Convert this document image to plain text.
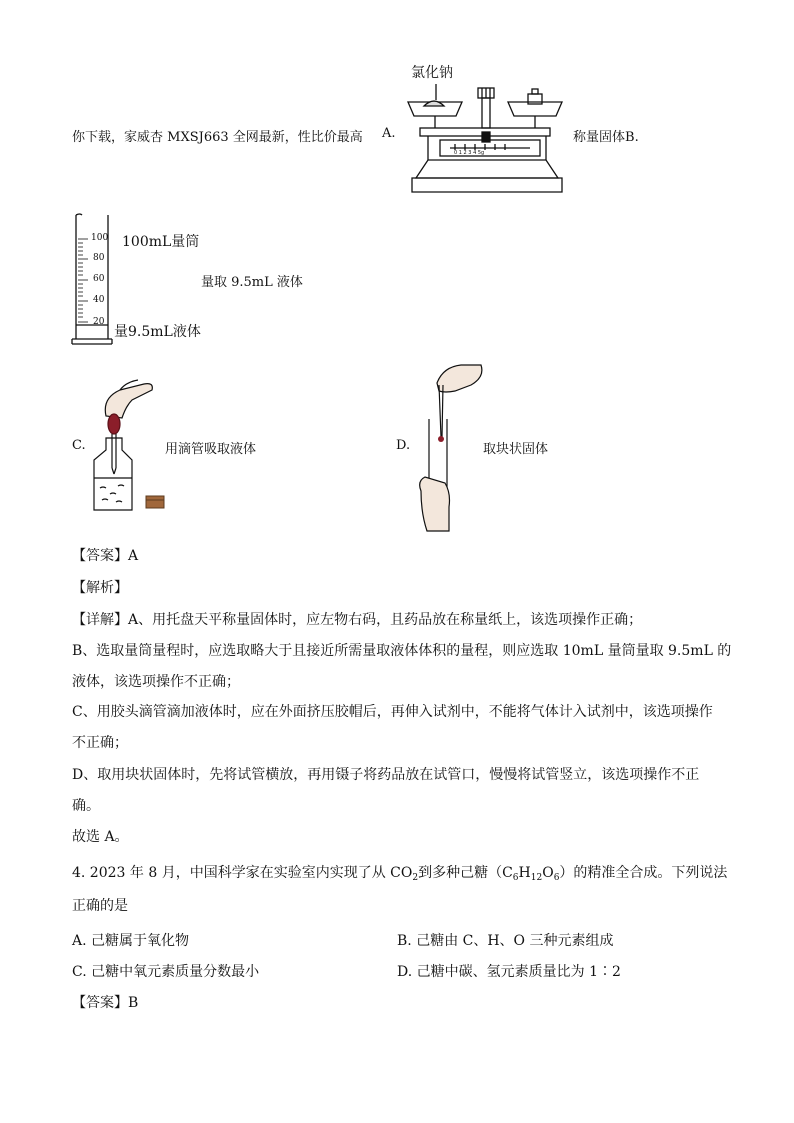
你下载，家威杏 MXSJ663 全网最新，性比价最高 A.
氯化钠
称量固体B.
0 1 2 3 4 5g
100
80
60
40
20
100mL量筒
量取 9.5mL 液体
量9.5mL液体
C.	用滴管吸取液体	D.	取块状固体
【答案】A
【解析】
【详解】A、用托盘天平称量固体时，应左物右码，且药品放在称量纸上，该选项操作正确；
B、选取量筒量程时，应选取略大于且接近所需量取液体体积的量程，则应选取 10mL 量筒量取 9.5mL 的
液体，该选项操作不正确；
C、用胶头滴管滴加液体时，应在外面挤压胶帽后，再伸入试剂中，不能将气体计入试剂中，该选项操作
不正确；
D、取用块状固体时，先将试管横放，再用镊子将药品放在试管口，慢慢将试管竖立，该选项操作不正
确。
故选 A。
4. 2023 年 8 月，中国科学家在实验室内实现了从 $CO_2$到多种己糖$(C_6H_{12}O_6)$的精准全合成。下列说法
正确的是
A. 己糖属于氧化物	B. 己糖由 C、H、O 三种元素组成
C. 己糖中氧元素质量分数最小	D. 己糖中碳、氢元素质量比为 1∶2
【答案】B
